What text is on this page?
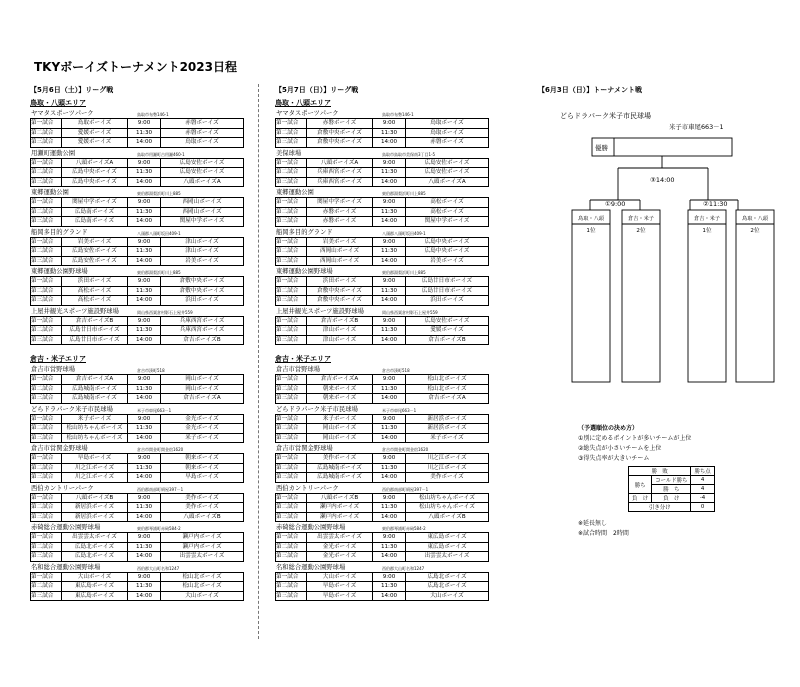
TKYボーイズトーナメント2023日程
【5月6日（土）】リーグ戦
鳥取・八頭エリア
ヤマタスポーツパーク	鳥取市布勢146-1
第一試合	鳥取ボーイズ	9:00	赤磐ボーイズ
第二試合	愛媛ボーイズ	11:30	赤磐ボーイズ
第三試合	愛媛ボーイズ	14:00	鳥取ボーイズ
用瀬町運動公園	鳥取市用瀬町古用瀬460-1
第一試合	八頭ボーイズA	9:00	広島安佐ボーイズ
第二試合	広島中央ボーイズ	11:30	広島安佐ボーイズ
第三試合	広島中央ボーイズ	14:00	八頭ボーイズA
東郷運動公園	東伯郡湯梨浜町川上885
第一試合	関屋中学ボーイズ	9:00	西岡山ボーイズ
第二試合	広島南ボーイズ	11:30	西岡山ボーイズ
第三試合	広島南ボーイズ	14:00	関屋中学ボーイズ
船岡多目的グランド	八頭郡八頭町坂田409-1
第一試合	岩美ボーイズ	9:00	津山ボーイズ
第二試合	広島安佐ボーイズ	11:30	津山ボーイズ
第三試合	広島安佐ボーイズ	14:00	岩美ボーイズ
東郷運動公園野球場	東伯郡湯梨浜町川上885
第一試合	浜田ボーイズ	9:00	倉敷中央ボーイズ
第二試合	高松ボーイズ	11:30	倉敷中央ボーイズ
第三試合	高松ボーイズ	14:00	浜田ボーイズ
上屋井観光スポーツ施設野球場	岡山県西粟倉村影石上屋井559
第一試合	倉吉ボーイズB	9:00	兵庫西宮ボーイズ
第二試合	広島廿日市ボーイズ	11:30	兵庫西宮ボーイズ
第三試合	広島廿日市ボーイズ	14:00	倉吉ボーイズB
倉吉・米子エリア
倉吉市営野球場	倉吉市湊町518
第一試合	倉吉ボーイズA	9:00	岡山ボーイズ
第二試合	広島城南ボーイズ	11:30	岡山ボーイズ
第三試合	広島城南ボーイズ	14:00	倉吉ボーイズA
どらドラパーク米子市民球場	米子市車尾663－1
第一試合	米子ボーイズ	9:00	金光ボーイズ
第二試合	松山坊ちゃんボーイズ	11:30	金光ボーイズ
第三試合	松山坊ちゃんボーイズ	14:00	米子ボーイズ
倉吉市営関金野球場	倉吉市関金町関金宿1620
第一試合	早島ボーイズ	9:00	朝来ボーイズ
第二試合	川之江ボーイズ	11:30	朝来ボーイズ
第三試合	川之江ボーイズ	14:00	早島ボーイズ
西伯カントリーパーク	西伯郡南部町絹屋397－1
第一試合	八頭ボーイズB	9:00	美作ボーイズ
第二試合	新居浜ボーイズ	11:30	美作ボーイズ
第三試合	新居浜ボーイズ	14:00	八頭ボーイズB
赤碕総合運動公園野球場	東伯郡琴浦町赤碕584-2
第一試合	出雲雲太ボーイズ	9:00	瀬戸内ボーイズ
第二試合	広島北ボーイズ	11:30	瀬戸内ボーイズ
第三試合	広島北ボーイズ	14:00	出雲雲太ボーイズ
名和総合運動公園野球場	西伯郡大山町名和1247
第一試合	大山ボーイズ	9:00	松山北ボーイズ
第二試合	東広島ボーイズ	11:30	松山北ボーイズ
第三試合	東広島ボーイズ	14:00	大山ボーイズ
【5月7日（日）】リーグ戦
鳥取・八頭エリア
ヤマタスポーツパーク	鳥取市布勢146-1
第一試合	赤磐ボーイズ	9:00	鳥取ボーイズ
第二試合	倉敷中央ボーイズ	11:30	鳥取ボーイズ
第三試合	倉敷中央ボーイズ	14:00	赤磐ボーイズ
美保球場	鳥取市鳥取市美保南3丁目1-5
第一試合	八頭ボーイズA	9:00	広島安佐ボーイズ
第二試合	兵庫西宮ボーイズ	11:30	広島安佐ボーイズ
第三試合	兵庫西宮ボーイズ	14:00	八頭ボーイズA
東郷運動公園	東伯郡湯梨浜町川上885
第一試合	関屋中学ボーイズ	9:00	高松ボーイズ
第二試合	赤磐ボーイズ	11:30	高松ボーイズ
第三試合	赤磐ボーイズ	14:00	関屋中学ボーイズ
船岡多目的グランド	八頭郡八頭町坂田409-1
第一試合	岩美ボーイズ	9:00	広島中央ボーイズ
第二試合	西岡山ボーイズ	11:30	広島中央ボーイズ
第三試合	西岡山ボーイズ	14:00	岩美ボーイズ
東郷運動公園野球場	東伯郡湯梨浜町川上885
第一試合	浜田ボーイズ	9:00	広島廿日市ボーイズ
第二試合	倉敷中央ボーイズ	11:30	広島廿日市ボーイズ
第三試合	倉敷中央ボーイズ	14:00	浜田ボーイズ
上屋井観光スポーツ施設野球場	岡山県西粟倉村影石上屋井559
第一試合	倉吉ボーイズB	9:00	広島安佐ボーイズ
第二試合	津山ボーイズ	11:30	愛媛ボーイズ
第三試合	津山ボーイズ	14:00	倉吉ボーイズB
倉吉・米子エリア
倉吉市営野球場	倉吉市湊町518
第一試合	倉吉ボーイズA	9:00	松山北ボーイズ
第二試合	朝来ボーイズ	11:30	松山北ボーイズ
第三試合	朝来ボーイズ	14:00	倉吉ボーイズA
どらドラパーク米子市民球場	米子市車尾663－1
第一試合	米子ボーイズ	9:00	新居浜ボーイズ
第二試合	岡山ボーイズ	11:30	新居浜ボーイズ
第三試合	岡山ボーイズ	14:00	米子ボーイズ
倉吉市営関金野球場	倉吉市関金町関金宿1620
第一試合	美作ボーイズ	9:00	川之江ボーイズ
第二試合	広島城南ボーイズ	11:30	川之江ボーイズ
第三試合	広島城南ボーイズ	14:00	美作ボーイズ
西伯カントリーパーク	西伯郡南部町絹屋397－1
第一試合	八頭ボーイズB	9:00	松山坊ちゃんボーイズ
第二試合	瀬戸内ボーイズ	11:30	松山坊ちゃんボーイズ
第三試合	瀬戸内ボーイズ	14:00	八頭ボーイズB
赤碕総合運動公園野球場	東伯郡琴浦町赤碕584-2
第一試合	出雲雲太ボーイズ	9:00	東広島ボーイズ
第二試合	金光ボーイズ	11:30	東広島ボーイズ
第三試合	金光ボーイズ	14:00	出雲雲太ボーイズ
名和総合運動公園野球場	西伯郡大山町名和1247
第一試合	大山ボーイズ	9:00	広島北ボーイズ
第二試合	早島ボーイズ	11:30	広島北ボーイズ
第三試合	早島ボーイズ	14:00	大山ボーイズ
【6月3日（日）】トーナメント戦
どらドラパーク米子市民球場
米子市車尾663－1
優勝
③14:00
①9:00	②11:30
鳥取・八頭
1位
倉吉・米子
2位
倉吉・米子
1位
鳥取・八頭
2位
（予選順位の決め方）
①別に定めるポイントが多いチームが上位
②総失点が小さいチームを上位
③得失点率が大きいチーム
勝　敗		勝ち点
勝ち	コールド勝ち	4
	勝　ち	4
負　け	負　け	-4
引き分け		0
※延長無し
※試合時間　2時間
